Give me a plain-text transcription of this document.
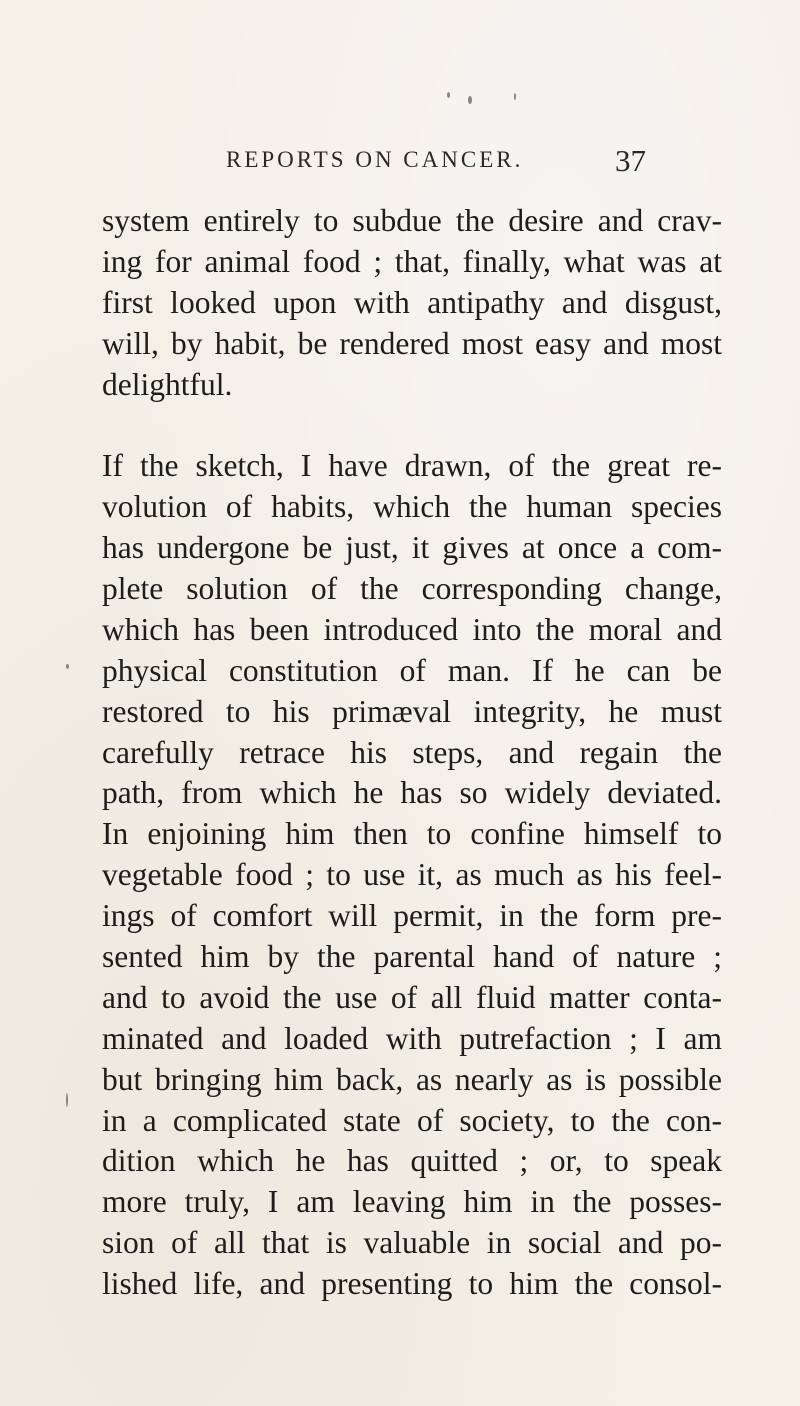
REPORTS ON CANCER.	37
system entirely to subdue the desire and crav-
ing for animal food ; that, finally, what was at
first looked upon with antipathy and disgust,
will, by habit, be rendered most easy and most
delightful.
If the sketch, I have drawn, of the great re-
volution of habits, which the human species
has undergone be just, it gives at once a com-
plete solution of the corresponding change,
which has been introduced into the moral and
physical constitution of man. If he can be
restored to his primæval integrity, he must
carefully retrace his steps, and regain the
path, from which he has so widely deviated.
In enjoining him then to confine himself to
vegetable food ; to use it, as much as his feel-
ings of comfort will permit, in the form pre-
sented him by the parental hand of nature ;
and to avoid the use of all fluid matter conta-
minated and loaded with putrefaction ; I am
but bringing him back, as nearly as is possible
in a complicated state of society, to the con-
dition which he has quitted ; or, to speak
more truly, I am leaving him in the posses-
sion of all that is valuable in social and po-
lished life, and presenting to him the consol-
